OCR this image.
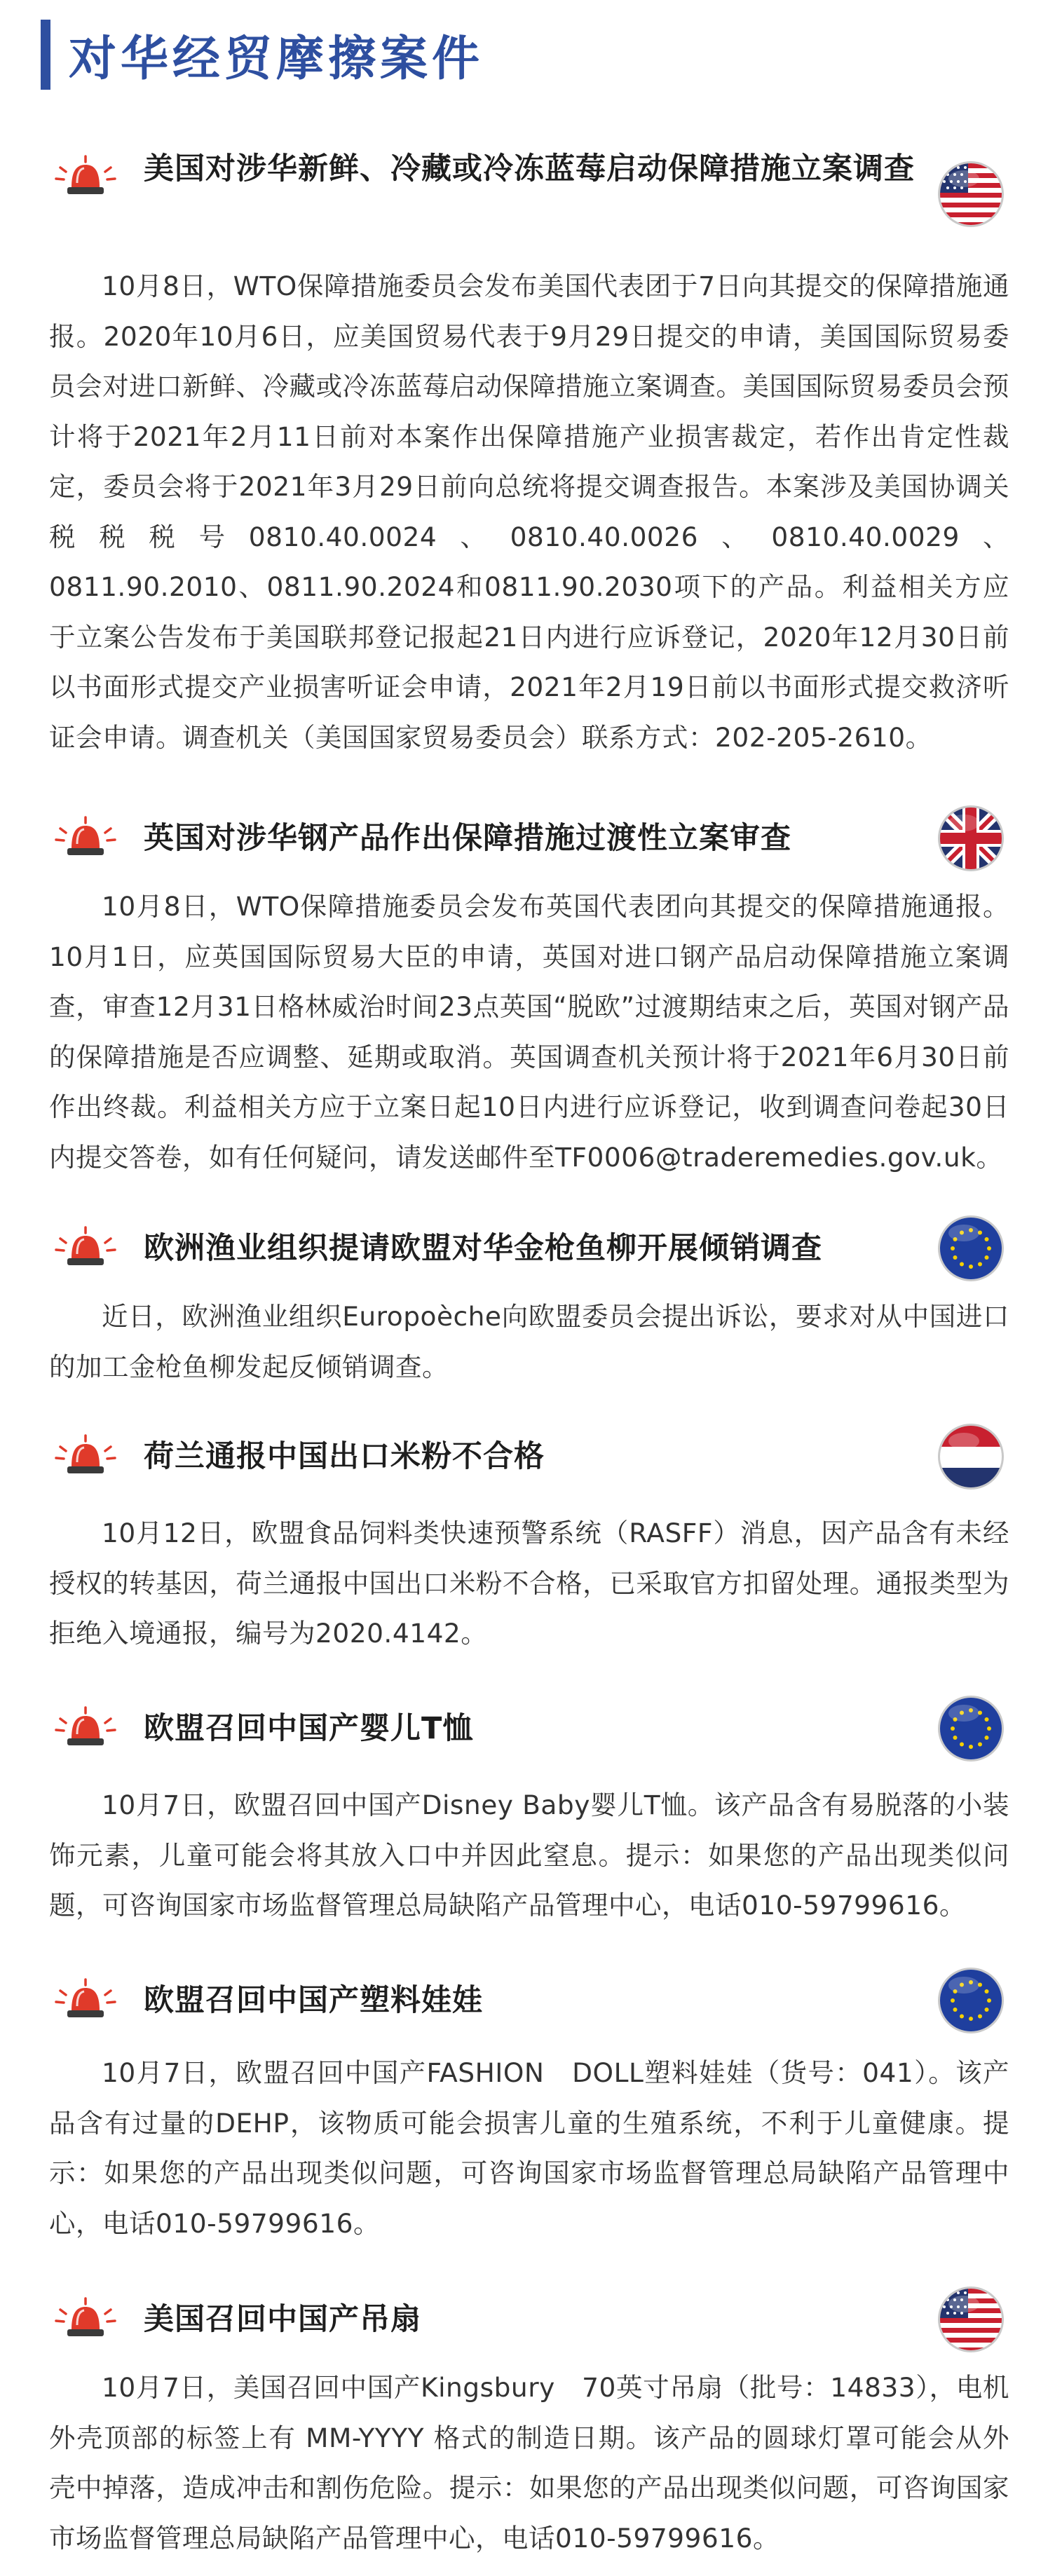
对华经贸摩擦案件
美国对涉华新鲜、冷藏或冷冻蓝莓启动保障措施立案调查
10月8日，WTO保障措施委员会发布美国代表团于7日向其提交的保障措施通报。2020年10月6日，应美国贸易代表于9月29日提交的申请，美国国际贸易委员会对进口新鲜、冷藏或冷冻蓝莓启动保障措施立案调查。美国国际贸易委员会预计将于2021年2月11日前对本案作出保障措施产业损害裁定，若作出肯定性裁定，委员会将于2021年3月29日前向总统将提交调查报告。本案涉及美国协调关税税税号0810.40.0024、0810.40.0026、0810.40.0029、0811.90.2010、0811.90.2024和0811.90.2030项下的产品。利益相关方应于立案公告发布于美国联邦登记报起21日内进行应诉登记，2020年12月30日前以书面形式提交产业损害听证会申请，2021年2月19日前以书面形式提交救济听证会申请。调查机关（美国国家贸易委员会）联系方式：202-205-2610。
英国对涉华钢产品作出保障措施过渡性立案审查
10月8日，WTO保障措施委员会发布英国代表团向其提交的保障措施通报。10月1日，应英国国际贸易大臣的申请，英国对进口钢产品启动保障措施立案调查，审查12月31日格林威治时间23点英国“脱欧”过渡期结束之后，英国对钢产品的保障措施是否应调整、延期或取消。英国调查机关预计将于2021年6月30日前作出终裁。利益相关方应于立案日起10日内进行应诉登记，收到调查问卷起30日内提交答卷，如有任何疑问，请发送邮件至TF0006@traderemedies.gov.uk。
欧洲渔业组织提请欧盟对华金枪鱼柳开展倾销调查
近日，欧洲渔业组织Europoèche向欧盟委员会提出诉讼，要求对从中国进口的加工金枪鱼柳发起反倾销调查。
荷兰通报中国出口米粉不合格
10月12日，欧盟食品饲料类快速预警系统（RASFF）消息，因产品含有未经授权的转基因，荷兰通报中国出口米粉不合格，已采取官方扣留处理。通报类型为拒绝入境通报，编号为2020.4142。
欧盟召回中国产婴儿T恤
10月7日，欧盟召回中国产Disney Baby婴儿T恤。该产品含有易脱落的小装饰元素，儿童可能会将其放入口中并因此窒息。提示：如果您的产品出现类似问题，可咨询国家市场监督管理总局缺陷产品管理中心，电话010-59799616。
欧盟召回中国产塑料娃娃
10月7日，欧盟召回中国产FASHION　DOLL塑料娃娃（货号：041）。该产品含有过量的DEHP，该物质可能会损害儿童的生殖系统，不利于儿童健康。提示：如果您的产品出现类似问题，可咨询国家市场监督管理总局缺陷产品管理中心，电话010-59799616。
美国召回中国产吊扇
10月7日，美国召回中国产Kingsbury　70英寸吊扇（批号：14833），电机外壳顶部的标签上有 MM-YYYY 格式的制造日期。该产品的圆球灯罩可能会从外壳中掉落，造成冲击和割伤危险。提示：如果您的产品出现类似问题，可咨询国家市场监督管理总局缺陷产品管理中心，电话010-59799616。
